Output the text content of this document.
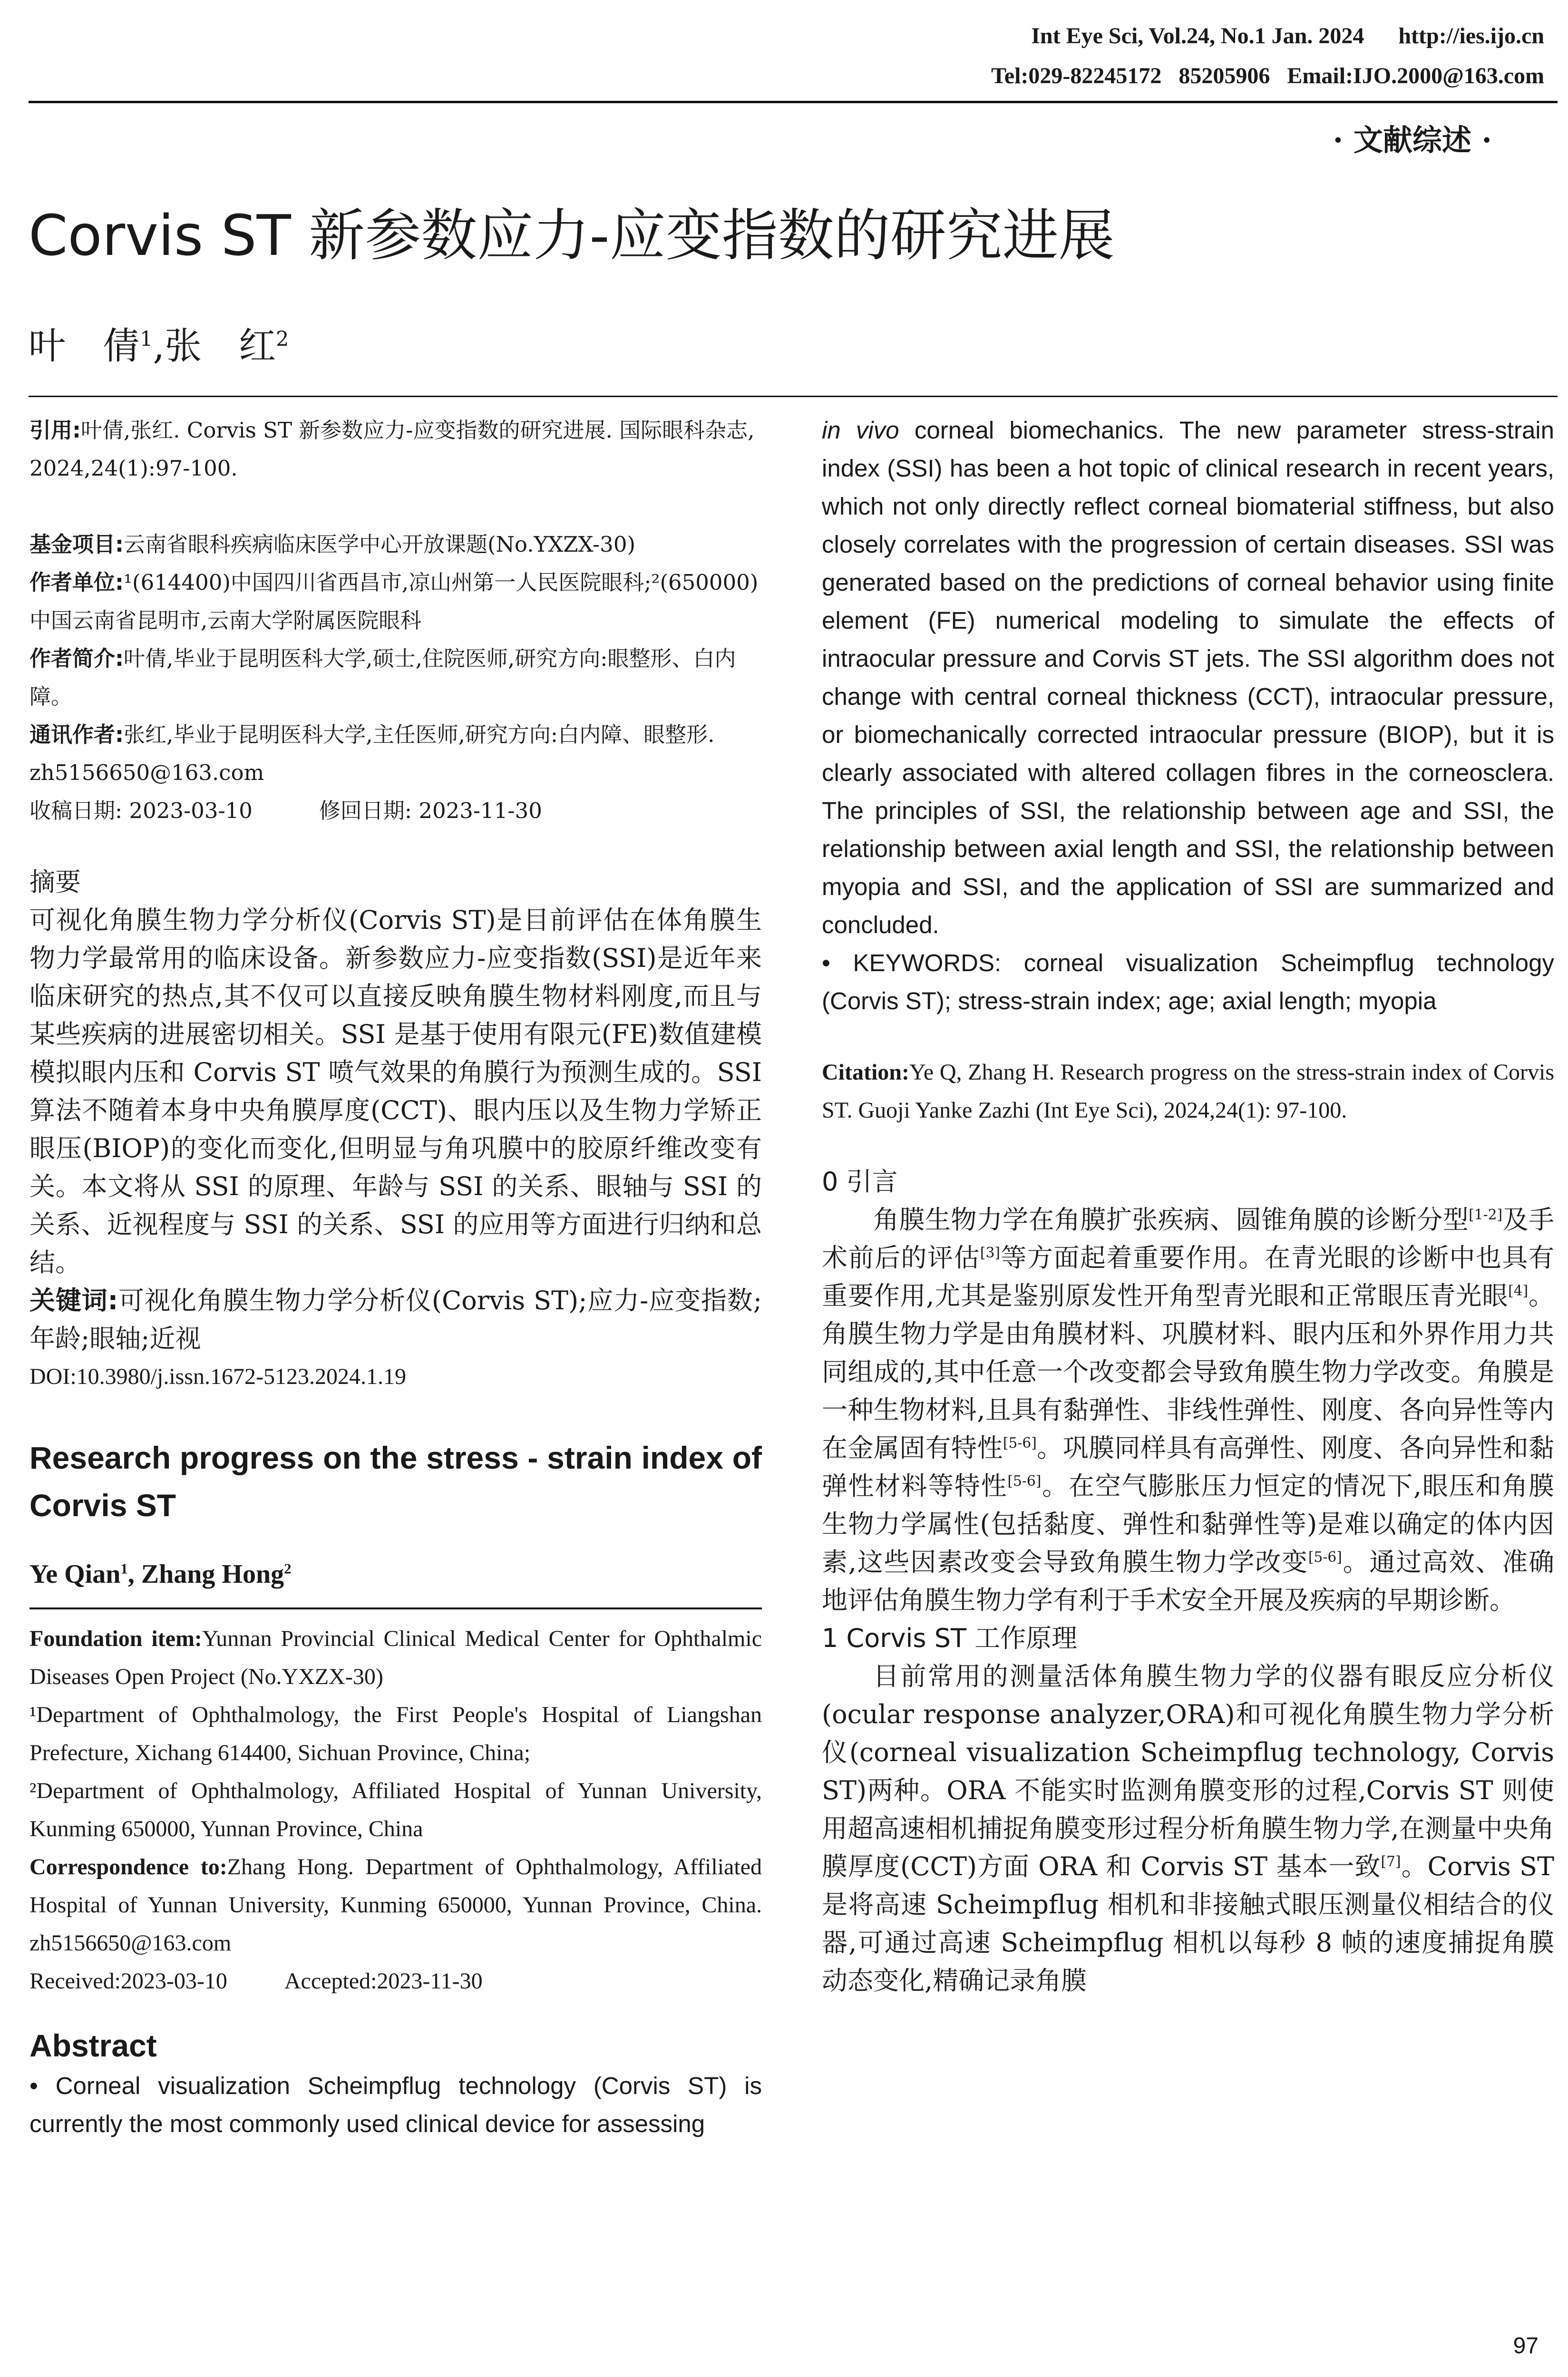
Int Eye Sci, Vol.24, No.1 Jan. 2024      http://ies.ijo.cn
Tel:029-82245172   85205906   Email:IJO.2000@163.com
· 文献综述 ·
Corvis ST 新参数应力-应变指数的研究进展
叶　倩$^1$,张　红$^2$

引用:叶倩,张红. Corvis ST 新参数应力-应变指数的研究进展. 国际眼科杂志, 2024,24(1):97-100.

基金项目:云南省眼科疾病临床医学中心开放课题(No.YXZX-30)

作者单位:¹(614400)中国四川省西昌市,凉山州第一人民医院眼科;²(650000)中国云南省昆明市,云南大学附属医院眼科

作者简介:叶倩,毕业于昆明医科大学,硕士,住院医师,研究方向:眼整形、白内障。

通讯作者:张红,毕业于昆明医科大学,主任医师,研究方向:白内障、眼整形. zh5156650@163.com

收稿日期: 2023-03-10	修回日期: 2023-11-30

摘要

可视化角膜生物力学分析仪(Corvis ST)是目前评估在体角膜生物力学最常用的临床设备。新参数应力-应变指数(SSI)是近年来临床研究的热点,其不仅可以直接反映角膜生物材料刚度,而且与某些疾病的进展密切相关。SSI 是基于使用有限元(FE)数值建模模拟眼内压和 Corvis ST 喷气效果的角膜行为预测生成的。SSI 算法不随着本身中央角膜厚度(CCT)、眼内压以及生物力学矫正眼压(BIOP)的变化而变化,但明显与角巩膜中的胶原纤维改变有关。本文将从 SSI 的原理、年龄与 SSI 的关系、眼轴与 SSI 的关系、近视程度与 SSI 的关系、SSI 的应用等方面进行归纳和总结。

关键词:可视化角膜生物力学分析仪(Corvis ST);应力-应变指数;年龄;眼轴;近视

DOI:10.3980/j.issn.1672-5123.2024.1.19

Research progress on the stress - strain index of Corvis ST
Ye Qian$^1$, Zhang Hong$^2$

Foundation item:Yunnan Provincial Clinical Medical Center for Ophthalmic Diseases Open Project (No.YXZX-30)

¹Department of Ophthalmology, the First People's Hospital of Liangshan Prefecture, Xichang 614400, Sichuan Province, China;

²Department of Ophthalmology, Affiliated Hospital of Yunnan University, Kunming 650000, Yunnan Province, China

Correspondence to:Zhang Hong. Department of Ophthalmology, Affiliated Hospital of Yunnan University, Kunming 650000, Yunnan Province, China. zh5156650@163.com

Received:2023-03-10	Accepted:2023-11-30

Abstract

• Corneal visualization Scheimpflug technology (Corvis ST) is currently the most commonly used clinical device for assessing

in vivo corneal biomechanics. The new parameter stress-strain index (SSI) has been a hot topic of clinical research in recent years, which not only directly reflect corneal biomaterial stiffness, but also closely correlates with the progression of certain diseases. SSI was generated based on the predictions of corneal behavior using finite element (FE) numerical modeling to simulate the effects of intraocular pressure and Corvis ST jets. The SSI algorithm does not change with central corneal thickness (CCT), intraocular pressure, or biomechanically corrected intraocular pressure (BIOP), but it is clearly associated with altered collagen fibres in the corneosclera. The principles of SSI, the relationship between age and SSI, the relationship between axial length and SSI, the relationship between myopia and SSI, and the application of SSI are summarized and concluded.

• KEYWORDS: corneal visualization Scheimpflug technology (Corvis ST); stress-strain index; age; axial length; myopia

Citation:Ye Q, Zhang H. Research progress on the stress-strain index of Corvis ST. Guoji Yanke Zazhi (Int Eye Sci), 2024,24(1): 97-100.

0 引言

角膜生物力学在角膜扩张疾病、圆锥角膜的诊断分型[1-2]及手术前后的评估[3]等方面起着重要作用。在青光眼的诊断中也具有重要作用,尤其是鉴别原发性开角型青光眼和正常眼压青光眼[4]。角膜生物力学是由角膜材料、巩膜材料、眼内压和外界作用力共同组成的,其中任意一个改变都会导致角膜生物力学改变。角膜是一种生物材料,且具有黏弹性、非线性弹性、刚度、各向异性等内在金属固有特性[5-6]。巩膜同样具有高弹性、刚度、各向异性和黏弹性材料等特性[5-6]。在空气膨胀压力恒定的情况下,眼压和角膜生物力学属性(包括黏度、弹性和黏弹性等)是难以确定的体内因素,这些因素改变会导致角膜生物力学改变[5-6]。通过高效、准确地评估角膜生物力学有利于手术安全开展及疾病的早期诊断。

1 Corvis ST 工作原理

目前常用的测量活体角膜生物力学的仪器有眼反应分析仪(ocular response analyzer,ORA)和可视化角膜生物力学分析仪(corneal visualization Scheimpflug technology, Corvis ST)两种。ORA 不能实时监测角膜变形的过程,Corvis ST 则使用超高速相机捕捉角膜变形过程分析角膜生物力学,在测量中央角膜厚度(CCT)方面 ORA 和 Corvis ST 基本一致[7]。Corvis ST 是将高速 Scheimpflug 相机和非接触式眼压测量仪相结合的仪器,可通过高速 Scheimpflug 相机以每秒 8 帧的速度捕捉角膜动态变化,精确记录角膜

97
